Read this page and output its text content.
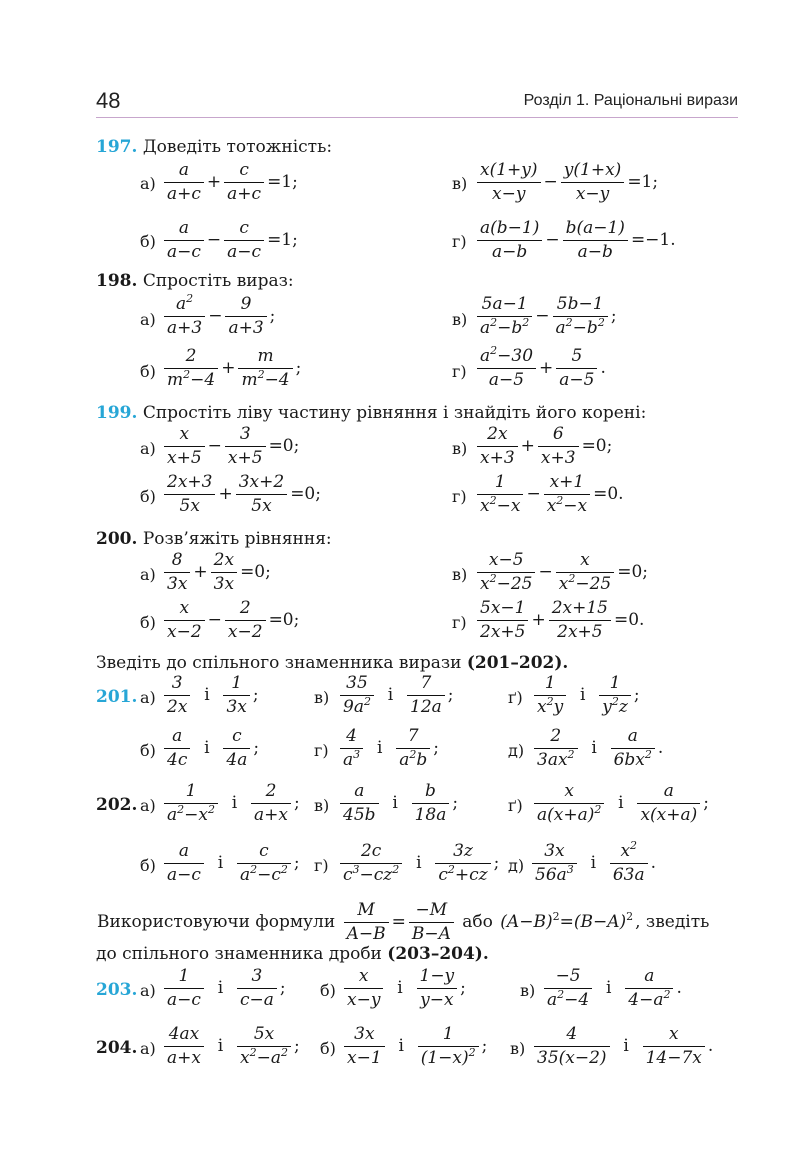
48	Розділ 1. Раціональні вирази
197. Доведіть тотожність:
$а) \frac{a}{a+c} + \frac{c}{a+c} =1$;
$б) \frac{a}{a-c} - \frac{c}{a-c} =1$;
$в) \frac{x(1+y)}{x-y} - \frac{y(1+x)}{x-y} =1$;
$г) \frac{a(b-1)}{a-b} - \frac{b(a-1)}{a-b} =-1$.
198. Спростіть вираз:
$а) \frac{a^2}{a+3} - \frac{9}{a+3}$ ;
$б) \frac{2}{m^2-4} + \frac{m}{m^2-4}$ ;
$в) \frac{5a-1}{a^2-b^2} - \frac{5b-1}{a^2-b^2}$ ;
$г) \frac{a^2-30}{a-5} + \frac{5}{a-5}$ .
199. Спростіть ліву частину рівняння і знайдіть його корені:
$а) \frac{x}{x+5} - \frac{3}{x+5} =0$;
$б) \frac{2x+3}{5x} + \frac{3x+2}{5x} =0$;
$в) \frac{2x}{x+3} + \frac{6}{x+3} =0$;
$г) \frac{1}{x^2-x} - \frac{x+1}{x^2-x} =0$.
200. Розв’яжіть рівняння:
$а) \frac{8}{3x} + \frac{2x}{3x} =0$;
$б) \frac{x}{x-2} - \frac{2}{x-2} =0$;
$в) \frac{x-5}{x^2-25} - \frac{x}{x^2-25} =0$;
$г) \frac{5x-1}{2x+5} + \frac{2x+15}{2x+5} =0$.
Зведіть до спільного знаменника вирази (201–202).
201. $а) \frac{3}{2x}$ і $\frac{1}{3x}$ ;	$в) \frac{35}{9a^2}$ і $\frac{7}{12a}$ ;	$ґ) \frac{1}{x^2y}$ і $\frac{1}{y^2z}$ ;
$б) \frac{a}{4c}$ і $\frac{c}{4a}$ ;	$г) \frac{4}{a^3}$ і $\frac{7}{a^2b}$ ;	$д) \frac{2}{3ax^2}$ і $\frac{a}{6bx^2}$ .
202. $а) \frac{1}{a^2-x^2}$ і $\frac{2}{a+x}$ ; $в) \frac{a}{45b}$ і $\frac{b}{18a}$ ;	$ґ) \frac{x}{a(x+a)^2}$ і $\frac{a}{x(x+a)}$ ;
$б) \frac{a}{a-c}$ і $\frac{c}{a^2-c^2}$ ; $г) \frac{2c}{c^3-cz^2}$ і $\frac{3z}{c^2+cz}$ ; $д) \frac{3x}{56a^3}$ і $\frac{x^2}{63a}$ .
Використовуючи формули $\frac{M}{A-B} = \frac{-M}{B-A}$ або $(A-B)^2=(B-A)^2$ , зведіть
до спільного знаменника дроби (203–204).
203. $а) \frac{1}{a-c}$ і $\frac{3}{c-a}$ ; $б) \frac{x}{x-y}$ і $\frac{1-y}{y-x}$ ;	$в) \frac{-5}{a^2-4}$ і $\frac{a}{4-a^2}$ .
204. $а) \frac{4ax}{a+x}$ і $\frac{5x}{x^2-a^2}$ ; $б) \frac{3x}{x-1}$ і $\frac{1}{(1-x)^2}$ ; $в) \frac{4}{35(x-2)}$ і $\frac{x}{14-7x}$ .
